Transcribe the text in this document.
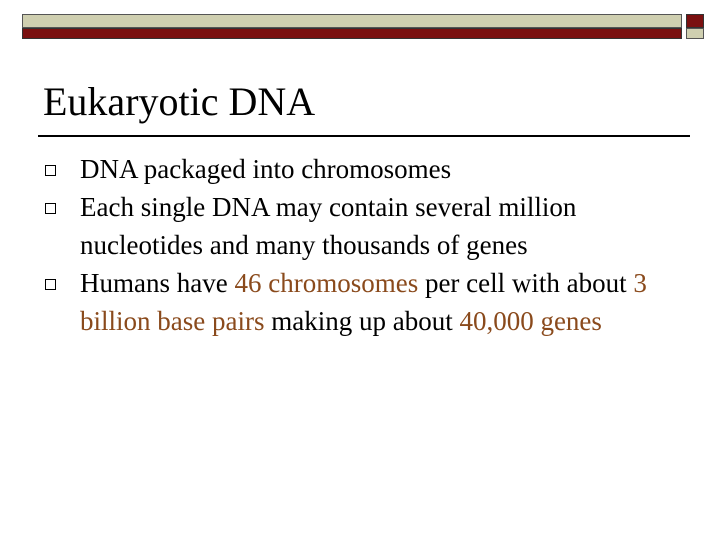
Eukaryotic DNA
DNA packaged into chromosomes
Each single DNA may contain several million nucleotides and many thousands of genes
Humans have 46 chromosomes per cell with about 3 billion base pairs making up about 40,000 genes
